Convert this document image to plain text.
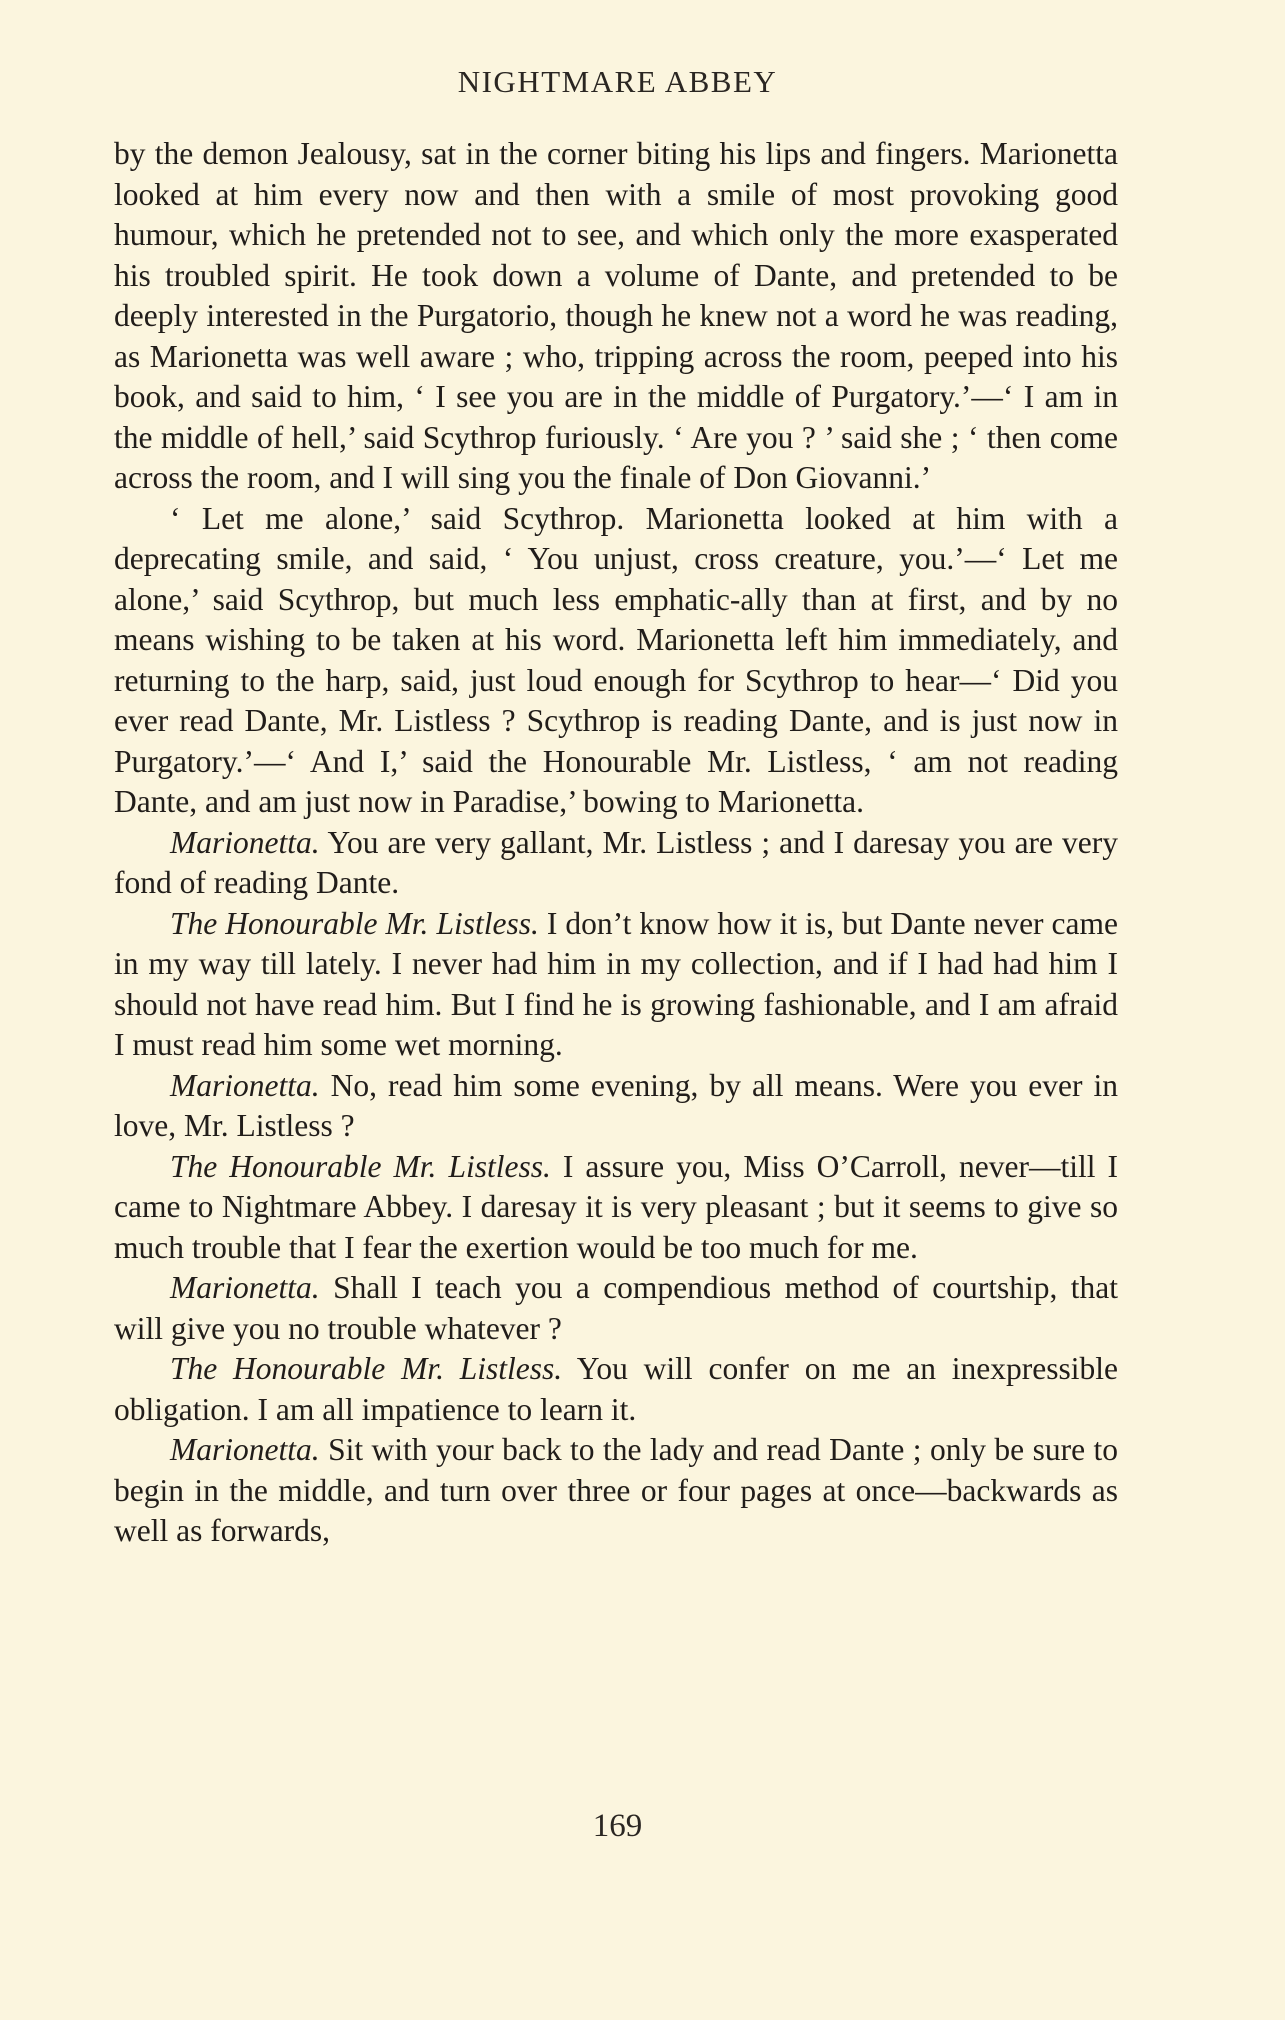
NIGHTMARE ABBEY

by the demon Jealousy, sat in the corner biting his lips and fingers. Marionetta looked at him every now and then with a smile of most provoking good humour, which he pretended not to see, and which only the more exasperated his troubled spirit. He took down a volume of Dante, and pretended to be deeply interested in the Purgatorio, though he knew not a word he was reading, as Marionetta was well aware ; who, tripping across the room, peeped into his book, and said to him, ‘ I see you are in the middle of Purgatory.’—‘ I am in the middle of hell,’ said Scythrop furiously. ‘ Are you ? ’ said she ; ‘ then come across the room, and I will sing you the finale of Don Giovanni.’

‘ Let me alone,’ said Scythrop. Marionetta looked at him with a deprecating smile, and said, ‘ You unjust, cross creature, you.’—‘ Let me alone,’ said Scythrop, but much less emphatic-ally than at first, and by no means wishing to be taken at his word. Marionetta left him immediately, and returning to the harp, said, just loud enough for Scythrop to hear—‘ Did you ever read Dante, Mr. Listless ? Scythrop is reading Dante, and is just now in Purgatory.’—‘ And I,’ said the Honourable Mr. Listless, ‘ am not reading Dante, and am just now in Paradise,’ bowing to Marionetta.

Marionetta. You are very gallant, Mr. Listless ; and I daresay you are very fond of reading Dante.

The Honourable Mr. Listless. I don’t know how it is, but Dante never came in my way till lately. I never had him in my collection, and if I had had him I should not have read him. But I find he is growing fashionable, and I am afraid I must read him some wet morning.

Marionetta. No, read him some evening, by all means. Were you ever in love, Mr. Listless ?

The Honourable Mr. Listless. I assure you, Miss O’Carroll, never—till I came to Nightmare Abbey. I daresay it is very pleasant ; but it seems to give so much trouble that I fear the exertion would be too much for me.

Marionetta. Shall I teach you a compendious method of courtship, that will give you no trouble whatever ?

The Honourable Mr. Listless. You will confer on me an inexpressible obligation. I am all impatience to learn it.

Marionetta. Sit with your back to the lady and read Dante ; only be sure to begin in the middle, and turn over three or four pages at once—backwards as well as forwards,

169
